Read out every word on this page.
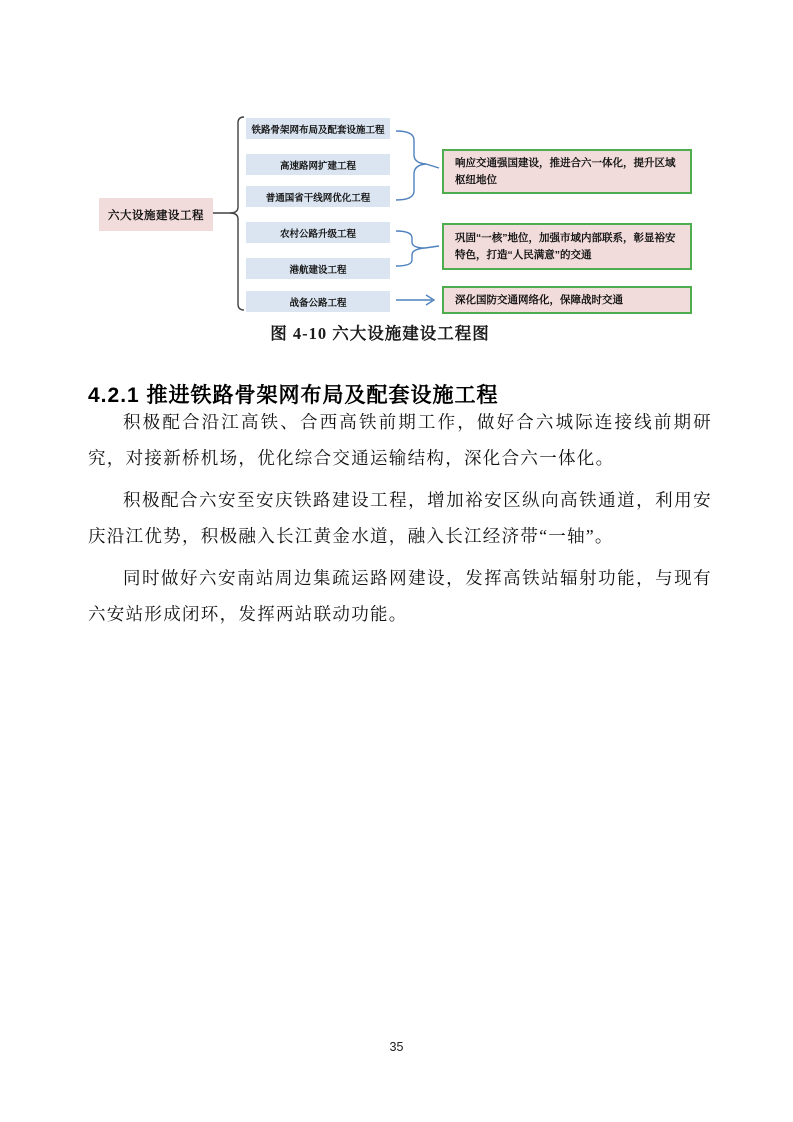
六大设施建设工程
铁路骨架网布局及配套设施工程
高速路网扩建工程
普通国省干线网优化工程
农村公路升级工程
港航建设工程
战备公路工程
响应交通强国建设，推进合六一体化，提升区域枢纽地位
巩固“一核”地位，加强市域内部联系，彰显裕安特色，打造“人民满意”的交通
深化国防交通网络化，保障战时交通
图 4-10 六大设施建设工程图
4.2.1 推进铁路骨架网布局及配套设施工程

积极配合沿江高铁、合西高铁前期工作，做好合六城际连接线前期研究，对接新桥机场，优化综合交通运输结构，深化合六一体化。

积极配合六安至安庆铁路建设工程，增加裕安区纵向高铁通道，利用安庆沿江优势，积极融入长江黄金水道，融入长江经济带“一轴”。

同时做好六安南站周边集疏运路网建设，发挥高铁站辐射功能，与现有六安站形成闭环，发挥两站联动功能。

35
